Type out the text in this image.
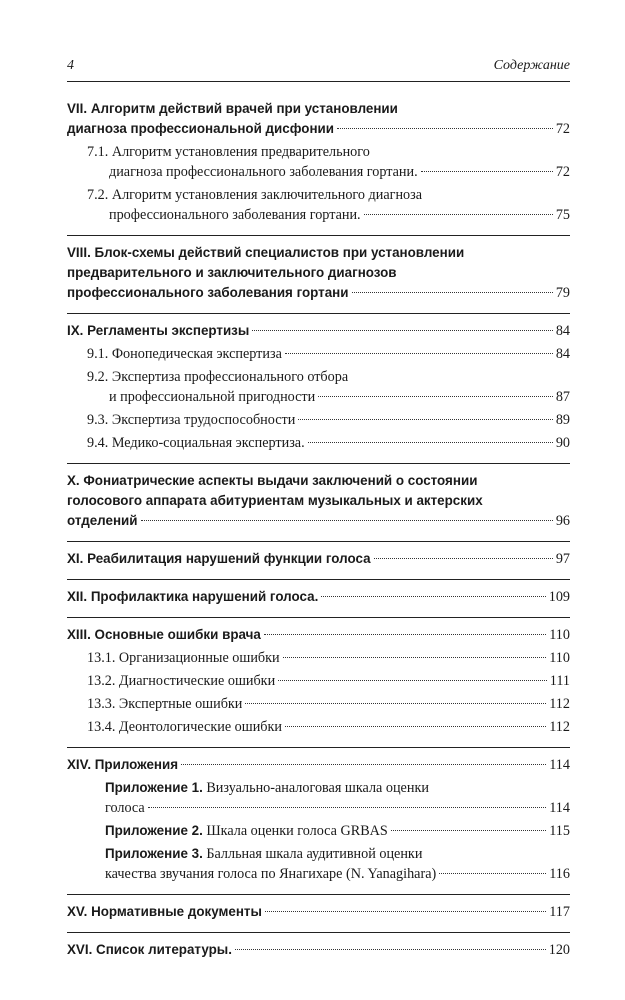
4	Содержание
VII. Алгоритм действий врачей при установлении
диагноза профессиональной дисфонии	72
7.1. Алгоритм установления предварительного
диагноза профессионального заболевания гортани.	72
7.2. Алгоритм установления заключительного диагноза
профессионального заболевания гортани.	75
VIII. Блок-схемы действий специалистов при установлении
предварительного и заключительного диагнозов
профессионального заболевания гортани	79
IX. Регламенты экспертизы	84
9.1. Фонопедическая экспертиза	84
9.2. Экспертиза профессионального отбора
и профессиональной пригодности	87
9.3. Экспертиза трудоспособности	89
9.4. Медико-социальная экспертиза.	90
X. Фониатрические аспекты выдачи заключений о состоянии
голосового аппарата абитуриентам музыкальных и актерских
отделений	96
XI. Реабилитация нарушений функции голоса	97
XII. Профилактика нарушений голоса.	109
XIII. Основные ошибки врача	110
13.1. Организационные ошибки	110
13.2. Диагностические ошибки	111
13.3. Экспертные ошибки	112
13.4. Деонтологические ошибки	112
XIV. Приложения	114
Приложение 1. Визуально-аналоговая шкала оценки
голоса	114
Приложение 2. Шкала оценки голоса GRBAS	115
Приложение 3. Балльная шкала аудитивной оценки
качества звучания голоса по Янагихаре (N. Yanagihara)	116
XV. Нормативные документы	117
XVI. Список литературы.	120
